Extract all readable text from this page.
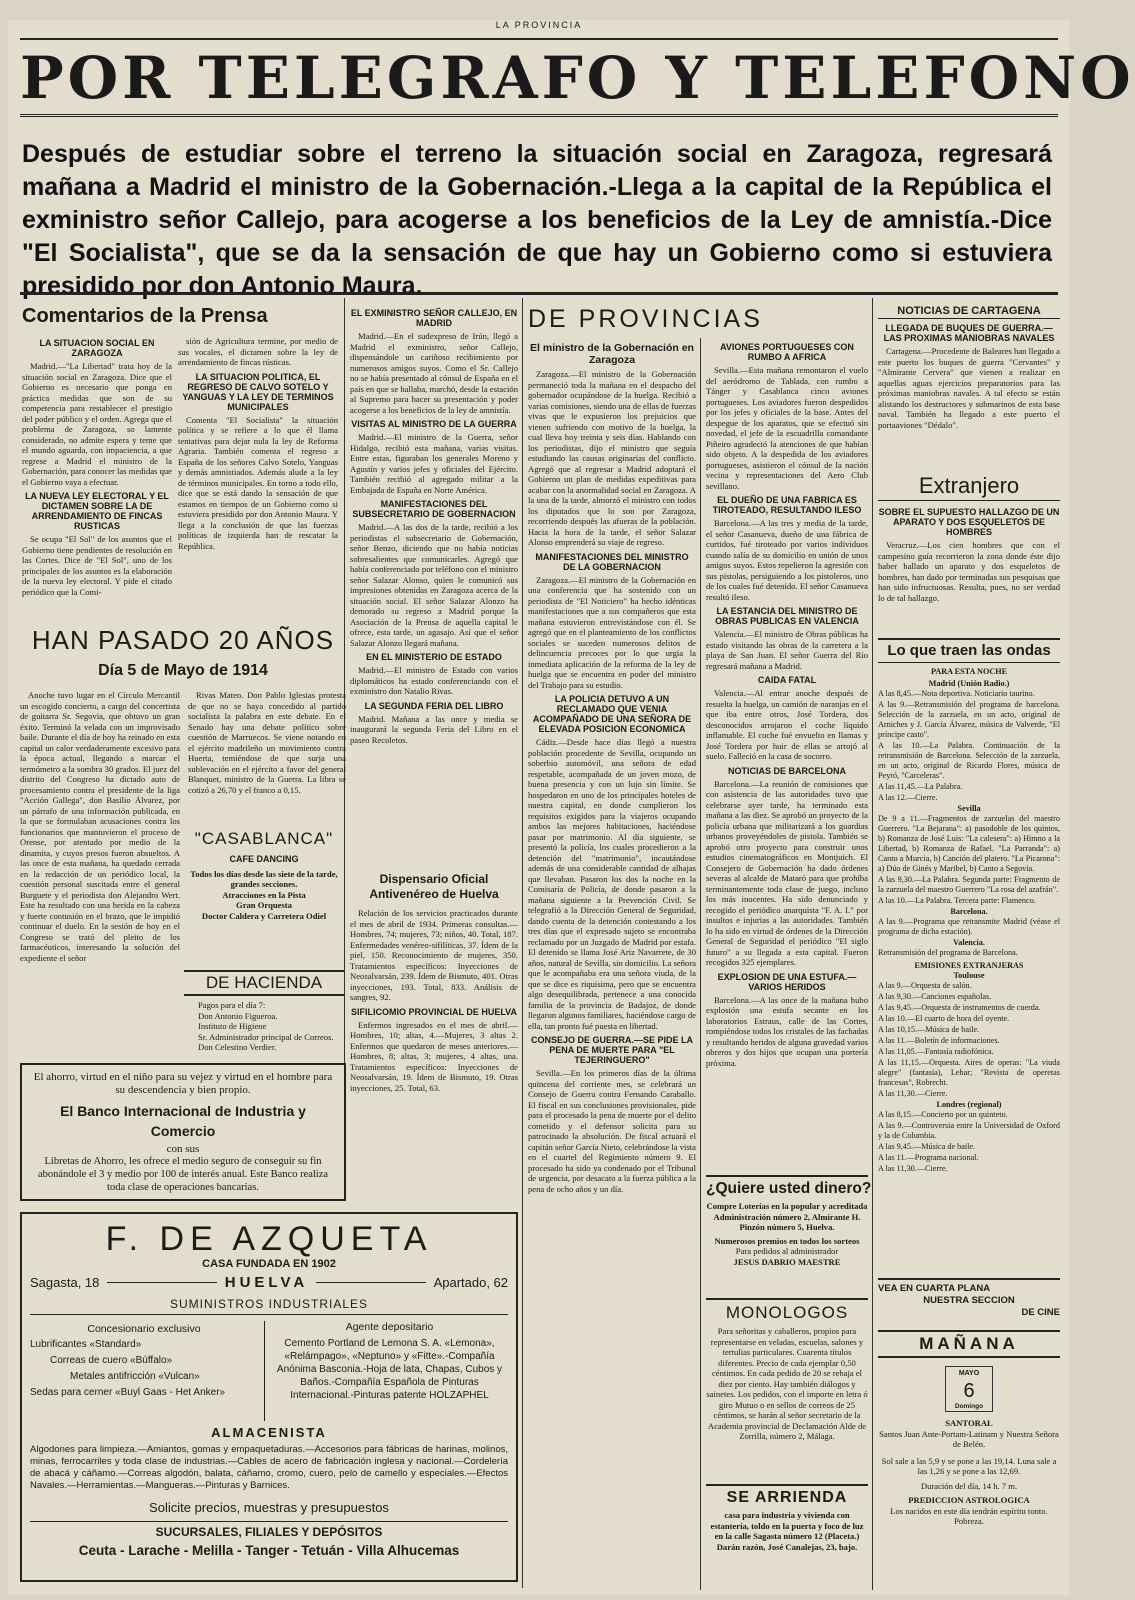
LA PROVINCIA
POR TELEGRAFO Y TELEFONO
Después de estudiar sobre el terreno la situación social en Zaragoza, regresará mañana a Madrid el ministro de la Gobernación.-Llega a la capital de la República el exministro señor Callejo, para acogerse a los beneficios de la Ley de amnistía.-Dice "El Socialista", que se da la sensación de que hay un Gobierno como si estuviera presidido por don Antonio Maura.
Comentarios de la Prensa
LA SITUACION SOCIAL EN ZARAGOZA

Madrid.—"La Libertad" trata hoy de la situación social en Zaragoza. Dice que el Gobierno es necesario que ponga en práctica medidas que son de su competencia para restablecer el prestigio del poder público y el orden. Agrega que el problema de Zaragoza, so lamente considerado, no admite espera y teme que el mundo aguarda, con impaciencia, a que regrese a Madrid el ministro de la Gobernación, para conocer las medidas que el Gobierno vaya a efectuar.

LA NUEVA LEY ELECTORAL Y EL DICTAMEN SOBRE LA DE ARRENDAMIENTO DE FINCAS RUSTICAS

Se ocupa "El Sol" de los asuntos que el Gobierno tiene pendientes de resolución en las Cortes. Dice de "El Sol", uno de los principales de los asuntos es la elaboración de la nueva ley electoral. Y pide el citado periódico que la Comi-

sión de Agricultura termine, por medio de sus vocales, el dictamen sobre la ley de arrendamiento de fincas rústicas.

LA SITUACION POLITICA, EL REGRESO DE CALVO SOTELO Y YANGUAS Y LA LEY DE TERMINOS MUNICIPALES

Comenta "El Socialista" la situación política y se refiere a lo que él llama tentativas para dejar nula la ley de Reforma Agraria. También comenta el regreso a España de los señores Calvo Sotelo, Yanguas y demás amnistiados. Además alude a la ley de términos municipales. En torno a todo ello, dice que se está dando la sensación de que estamos en tiempos de un Gobierno como si estuviera presidido por don Antonio Maura. Y llega a la conclusión de que las fuerzas políticas de izquierda han de rescatar la República.

EL EXMINISTRO SEÑOR CALLEJO, EN MADRID

Madrid.—En el sudexpreso de Irún, llegó a Madrid el exministro, señor Callejo, dispensándole un cariñoso recibimiento por numerosos amigos suyos. Como el Sr. Callejo no se había presentado al cónsul de España en el país en que se hallaba, marchó, desde la estación al Supremo para hacer su presentación y poder acogerse a los beneficios de la ley de amnistía.

VISITAS AL MINISTRO DE LA GUERRA

Madrid.—El ministro de la Guerra, señor Hidalgo, recibió esta mañana, varias visitas. Entre estas, figuraban los generales Moreno y Agustín y varios jefes y oficiales del Ejército. También recibió al agregado militar a la Embajada de España en Norte América.

MANIFESTACIONES DEL SUBSECRETARIO DE GOBERNACION

Madrid.—A las dos de la tarde, recibió a los periodistas el subsecretario de Gobernación, señor Benzo, diciendo que no había noticias sobresalientes que comunicarles. Agregó que había conferenciado por teléfono con el ministro señor Salazar Alonso, quien le comunicó sus impresiones obtenidas en Zaragoza acerca de la situación social. El señor Salazar Alonzo ha demorado su regreso a Madrid porque la Asociación de la Prensa de aquella capital le ofrece, esta tarde, un agasajo. Así que el señor Salazar Alonzo llegará mañana.

EN EL MINISTERIO DE ESTADO

Madrid.—El ministro de Estado con varios diplomáticos ha estado conferenciando con el exministro don Natalio Rivas.

LA SEGUNDA FERIA DEL LIBRO

Madrid. Mañana a las once y media se inaugurará la segunda Feria del Libro en el paseo Recoletos.

HAN PASADO 20 AÑOS
Día 5 de Mayo de 1914

Anoche tuvo lugar en el Círculo Mercantil un escogido concierto, a cargo del concertista de guitarra Sr. Segovia, que obtuvo un gran éxito. Terminó la velada con un improvisado baile. Durante el día de hoy ha reinado en esta capital un calor verdaderamente excesivo para la época actual, llegando a marcar el termómetro a la sombra 30 grados. El juez del distrito del Congreso ha dictado auto de procesamiento contra el presidente de la liga "Acción Gallega", don Basilio Álvarez, por un párrafo de una información publicada, en la que se formulaban acusaciones contra los funcionarios que mantuvieron el proceso de Orense, por atentado por medio de la dinamita, y cuyos presos fueron absueltos. A las once de esta mañana, ha quedado cerrada en la redacción de un periódico local, la cuestión personal suscitada entre el general Burguete y el periodista don Alejandro Wert. Este ha resultado con una herida en la cabeza y fuerte contusión en el brazo, que le impidió continuar el duelo. En la sesión de hoy en el Congreso se trató del pleito de los farmacéuticos, interesando la solución del expediente el señor

Rivas Mateo. Don Pablo Iglesias protesta de que no se haya concedido al partido socialista la palabra en este debate. En el Senado hay una debate político sobre cuestión de Marruecos. Se viene notando en el ejército madrileño un movimiento contra Huerta, temiéndose de que surja una sublevación en el ejército a favor del general Blanquet, ministro de la Guerra. La libra se cotizó a 26,70 y el franco a 0,15.

"CASABLANCA"
CAFE DANCING
Todos los días desde las siete de la tarde, grandes secciones.
Atracciones en la Pista
Gran Orquesta
Doctor Caldera y Carretera Odiel
DE HACIENDA
Pagos para el día 7:
Don Antonio Figueroa.
Instituto de Higiene
Sr. Administrador principal de Correos.
Don Celestino Verdier.
Dispensario Oficial Antivenéreo de Huelva

Relación de los servicios practicados durante el mes de abril de 1934. Primeras consultas.—Hombres, 74; mujeres, 73; niños, 40. Total, 187. Enfermedades venéreo-sifilíticas, 37. Ídem de la piel, 150. Reconocimiento de mujeres, 350. Tratamientos específicos: Inyecciones de Neosalvarsán, 239. Ídem de Bismuto, 401. Otras inyecciones, 193. Total, 833. Análisis de sangres, 92.

SIFILICOMIO PROVINCIAL DE HUELVA

Enfermos ingresados en el mes de abril.—Hombres, 10; altas, 4.—Mujeres, 3 altas 2. Enfermos que quedaron de meses anteriores.—Hombres, 8; altas, 3; mujeres, 4 altas, una. Tratamientos específicos: Inyecciones de Neosalvarsán, 19. Ídem de Bismuto, 19. Otras inyecciones, 25. Total, 63.

El ahorro, virtud en el niño para su vejez y virtud en el hombre para su descendencia y bien propio.
El Banco Internacional de Industria y Comercio
con sus
Libretas de Ahorro, les ofrece el medio seguro de conseguir su fin abonándole el 3 y medio por 100 de interés anual. Este Banco realiza toda clase de operaciones bancarias.
F. DE AZQUETA
CASA FUNDADA EN 1902
Sagasta, 18	HUELVA	Apartado, 62
SUMINISTROS INDUSTRIALES
Concesionario exclusivo
Lubrificantes «Standard»
Correas de cuero «Búffalo»
Metales antifricción «Vulcan»
Sedas para cerner «Buyl Gaas - Het Anker»
Agente depositario
Cemento Portland de Lemona S. A. «Lemona», «Relámpago», «Neptuno» y «Fitte».-Compañía Anónima Basconia.-Hoja de lata, Chapas, Cubos y Baños.-Compañía Española de Pinturas Internacional.-Pinturas patente HOLZAPHEL
ALMACENISTA
Algodones para limpieza.—Amiantos, gomas y empaquetaduras.—Accesorios para fábricas de harinas, molinos, minas, ferrocarriles y toda clase de industrias.—Cables de acero de fabricación inglesa y nacional.—Cordelería de abacá y cáñamo.—Correas algodón, balata, cáñamo, cromo, cuero, pelo de camello y especiales.—Efectos Navales.—Herramientas.—Mangueras.—Pinturas y Barnices.
Solicite precios, muestras y presupuestos
SUCURSALES, FILIALES Y DEPÓSITOS
Ceuta - Larache - Melilla - Tanger - Tetuán - Villa Alhucemas
DE PROVINCIAS
El ministro de la Gobernación en Zaragoza

Zaragoza.—El ministro de la Gobernación permaneció toda la mañana en el despacho del gobernador ocupándose de la huelga. Recibió a varias comisiones, siendo una de ellas de fuerzas vivas que le expusieron los prejuicios que vienen sufriendo con motivo de la huelga, la cual lleva hoy treinta y seis días. Hablando con los periodistas, dijo el ministro que seguía estudiando las causas originarias del conflicto. Agregó que al regresar a Madrid adoptará el Gobierno un plan de medidas expeditivas para acabar con la anormalidad social en Zaragoza. A la una de la tarde, almorzó el ministro con todos los diputados que lo son por Zaragoza, recorriendo después las afueras de la población. Hacia la hora de la tarde, el señor Salazar Alonso emprenderá su viaje de regreso.

MANIFESTACIONES DEL MINISTRO DE LA GOBERNACION

Zaragoza.—El ministro de la Gobernación en una conferencia que ha sostenido con un periodista de "El Noticiero" ha hecho idénticas manifestaciones que a sus compañeros que esta mañana estuvieron entrevistándose con él. Se agregó que en el planteamiento de los conflictos sociales se suceden numerosos delitos de delincuencia precoces por lo que urgía la inmediata aplicación de la reforma de la ley de huelga que se encuentra en poder del ministro del Trabajo para su estudio.

LA POLICIA DETUVO A UN RECLAMADO QUE VENIA ACOMPAÑADO DE UNA SEÑORA DE ELEVADA POSICION ECONOMICA

Cádiz.—Desde hace días llegó a nuestra población procedente de Sevilla, ocupando un soberbio automóvil, una señora de edad respetable, acompañada de un joven mozo, de buena presencia y con un lujo sin límite. Se hospedaron en uno de los principales hoteles de nuestra capital, en donde cumplieron los requisitos exigidos para la viajeros ocupando ambos las mejores habitaciones, haciéndose pasar por matrimonio. Al día siguiente, se presentó la policía, los cuales procedieron a la detención del "matrimonio", incautándose además de una considerable cantidad de alhajas que llevaban. Pasaron los dos la noche en la Comisaría de Policía, de donde pasaron a la mañana siguiente a la Prevención Civil. Se telegrafió a la Dirección General de Seguridad, dando cuenta de la detención contestando a los tres días que el expresado sujeto se encontraba reclamado por un Juzgado de Madrid por estafa. El detenido se llama José Ariz Navarrete, de 30 años, natural de Sevilla, sin domicilio. La señora que le acompañaba era una señora viuda, de la que se dice es riquísima, pero que se encuentra algo desequilibrada, pertenece a una conocida familia de la provincia de Badajoz, de donde llegaron algunos familiares, haciéndose cargo de ella, tan pronto fué puesta en libertad.

CONSEJO DE GUERRA.—SE PIDE LA PENA DE MUERTE PARA "EL TEJERINGUERO"

Sevilla.—En los primeros días de la última quincena del corriente mes, se celebrará un Consejo de Guerra contra Fernando Caraballo. El fiscal en sus conclusiones provisionales, pide para el procesado la pena de muerte por el delito cometido y el defensor solicita para su patrocinado la absolución. De fiscal actuará el capitán señor García Nieto, celebrándose la vista en el cuartel del Regimiento número 9. El procesado ha sido ya condenado por el Tribunal de urgencia, por desacato a la fuerza pública a la pena de ocho años y un día.

AVIONES PORTUGUESES CON RUMBO A AFRICA

Sevilla.—Esta mañana remontaron el vuelo del aeródromo de Tablada, con rumbo a Tánger y Casablanca cinco aviones portugueses. Los aviadores fueron despedidos por los jefes y oficiales de la base. Antes del despegue de los aparatos, que se efectuó sin novedad, el jefe de la escuadrilla comandante Piñeiro agradeció la atenciones de que habían sido objeto. A la despedida de los aviadores portugueses, asistieron el cónsul de la nación vecina y representaciones del Aero Club sevillano.

EL DUEÑO DE UNA FABRICA ES TIROTEADO, RESULTANDO ILESO

Barcelona.—A las tres y media de la tarde, el señor Casanueva, dueño de una fábrica de curtidos, fué tiroteado por varios individuos cuando salía de su domicilio en unión de unos amigos suyos. Estos repelieron la agresión con sus pistolas, persiguiendo a los pistoleros, uno de los cuales fué detenido. El señor Casanueva resultó ileso.

LA ESTANCIA DEL MINISTRO DE OBRAS PUBLICAS EN VALENCIA

Valencia.—El ministro de Obras públicas ha estado visitando las obras de la carretera a la playa de San Juan. El señor Guerra del Río regresará mañana a Madrid.

CAIDA FATAL

Valencia.—Al entrar anoche después de resuelta la huelga, un camión de naranjas en el que iba entre otros, José Tordera, dos desconocidos arrojaron el coche líquido inflamable. El coche fué envuelto en llamas y José Tordera por huir de ellas se arrojó al suelo. Falleció en la casa de socorro.

NOTICIAS DE BARCELONA

Barcelona.—La reunión de comisiones que con asistencia de las autoridades tuvo que celebrarse ayer tarde, ha terminado esta mañana a las diez. Se aprobó un proyecto de la policía urbana que militarizará a los guardias urbanos proveyéndoles de pistola. También se aprobó otro proyecto para construir unos estudios cinematográficos en Montjuich. El Consejero de Gobernación ha dado órdenes severas al alcalde de Mataró para que prohíba terminantemente toda clase de juego, incluso los más inocentes. Ha sido denunciado y recogido el periódico anarquista "F. A. I." por insultos e injurias a las autoridades. También lo ha sido en virtud de órdenes de la Dirección General de Seguridad el periódico "El siglo futuro" a su llegada a esta capital. Fueron recogidos 325 ejemplares.

EXPLOSION DE UNA ESTUFA.—VARIOS HERIDOS

Barcelona.—A las once de la mañana hubo explosión una estufa secante en los laboratorios Estraus, calle de las Cortes, rompiéndose todos los cristales de las fachadas y resultando heridos de alguna gravedad varios obreros y dos hijos que ocupan una portería próxima.

¿Quiere usted dinero?
Compre Loterías en la popular y acreditada Administración número 2, Almirante H. Pinzón número 5, Huelva.
Numerosos premios en todos los sorteos
Para pedidos al administrador
JESUS DABRIO MAESTRE
MONOLOGOS

Para señoritas y caballeros, propios para representarse en veladas, escuelas, salones y tertulias particulares. Cuarenta títulos diferentes. Precio de cada ejemplar 0,50 céntimos. En cada pedido de 20 se rebaja el diez por ciento. Hay también diálogos y sainetes. Los pedidos, con el importe en letra ó giro Mutuo o en sellos de correos de 25 céntimos, se harán al señor secretario de la Academia provincial de Declamación Alde de Zorrilla, número 2, Málaga.

SE ARRIENDA

casa para industria y vivienda con estantería, toldo en la puerta y foco de luz en la calle Sagasta número 12 (Placeta.) Darán razón, José Canalejas, 23, bajo.

NOTICIAS DE CARTAGENA
LLEGADA DE BUQUES DE GUERRA.—LAS PROXIMAS MANIOBRAS NAVALES

Cartagena.—Procedente de Baleares han llegado a este puerto los buques de guerra "Cervantes" y "Almirante Cervera" que vienen a realizar en aquellas aguas ejercicios preparatorios para las próximas maniobras navales. A tal efecto se están alistando los destructores y submarinos de esta base naval. También ha llegado a este puerto el portaaviones "Dédalo".

Extranjero
SOBRE EL SUPUESTO HALLAZGO DE UN APARATO Y DOS ESQUELETOS DE HOMBRES

Veracruz.—Los cien hombres que con el campesino guía recorrieron la zona donde éste dijo haber hallado un aparato y dos esqueletos de hombres, han dado por terminadas sus pesquisas que han sido infructuosas. Resulta, pues, no ser verdad lo de tal hallazgo.

Lo que traen las ondas
PARA ESTA NOCHE
Madrid (Unión Radio.)
A las 8,45.—Nota deportiva. Noticiario taurino.
A las 9.—Retransmisión del programa de barcelona. Selección de la zarzuela, en un acto, original de Arniches y J. García Álvarez, música de Valverde, "El príncipe casto".
A las 10.—La Palabra. Continuación de la retransmisión de Barcelona. Selección de la zarzuela, en un acto, original de Ricardo Flores, música de Peyró, "Carceleras".
A las 11,45.—La Palabra.
A las 12.—Cierre.
Sevilla
De 9 a 11.—Fragmentos de zarzuelas del maestro Guerrero. "La Bejarana": a) pasodoble de los quintos, b) Romanza de José Luis: "La calesera": a) Himno a la Libertad, b) Romanza de Rafael. "La Parranda": a) Canto a Murcia, b) Canción del platero. "La Picarona": a) Dúo de Ginés y Maribel, b) Canto a Segovia.
A las 9,30.—La Palabra. Segunda parte: Fragmento de la zarzuela del maestro Guerrero "La rosa del azafrán".
A las 10.—La Palabra. Tercera parte: Flamenco.
Barcelona.
A las 9.—Programa que retransmite Madrid (véase el programa de dicha estación).
Valencia.
Retransmisión del programa de Barcelona.
EMISIONES EXTRANJERAS
Toulouse
A las 9.—Orquesta de salón.
A las 9,30.—Canciones españolas.
A las 9,45.—Orquesta de instrumentos de cuerda.
A las 10.—El cuarto de hora del oyente.
A las 10,15.—Música de baile.
A las 11.—Boletín de informaciones.
A las 11,05.—Fantasía radiofónica.
A las 11,15.—Orquesta. Aires de operas: "La viuda alegre" (fantasía), Lehar; "Revista de operetas francesas", Robrecht.
A las 11,30.—Cierre.
Londres (regional)
A las 8,15.—Concierto por un quinteto.
A las 9.—Controversia entre la Universidad de Oxford y la de Columbia.
A las 9,45.—Música de baile.
A las 11.—Programa nacional.
A las 11,30.—Cierre.
VEA EN CUARTA PLANA
NUESTRA SECCION
DE CINE
MAÑANA
MAYO
6
Domingo
SANTORAL
Santos Juan Ante-Portam-Latinam y Nuestra Señora de Belén.
Sol sale a las 5,9 y se pone a las 19,14. Luna sale a las 1,26 y se pone a las 12,69.
Duración del día, 14 h. 7 m.
PREDICCION ASTROLOGICA
Los nacidos en este día tendrán espíritu tonto. Pobreza.
